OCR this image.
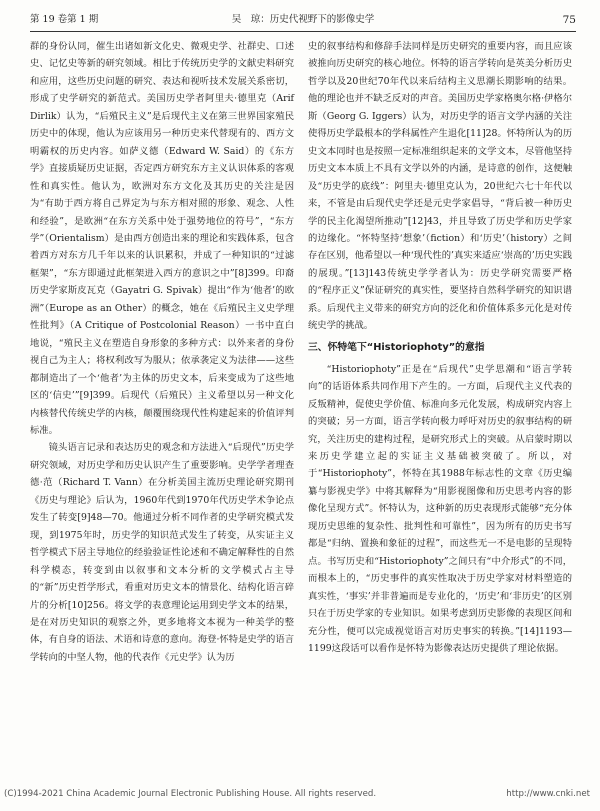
第 19 卷第 1 期	吴　琼：历史代视野下的影像史学	75

群的身份认同，催生出诸如新文化史、微观史学、社群史、口述史、记忆史等新的研究领域。相比于传统历史学的文献史料研究和应用，这些历史问题的研究、表达和视听技术发展关系密切，形成了史学研究的新范式。美国历史学者阿里夫·德里克（Arif Dirlik）认为，“后殖民主义”是后现代主义在第三世界国家殖民历史中的体现，他认为应该用另一种历史来代替现有的、西方文明霸权的历史内容。如萨义德（Edward W. Said）的《东方学》直接质疑历史证据，否定西方研究东方主义认识体系的客观性和真实性。他认为，欧洲对东方文化及其历史的关注是因为“有助于西方将自己界定为与东方相对照的形象、观念、人性和经验”，是欧洲“在东方关系中处于强势地位的符号”，“东方学”（Orientalism）是由西方创造出来的理论和实践体系，包含着西方对东方几千年以来的认识累积，并成了一种知识的“过滤框架”，“东方即通过此框架进入西方的意识之中”[8]399。印裔历史学家斯皮瓦克（Gayatri G. Spivak）提出“作为‘他者’的欧洲”（Europe as an Other）的概念，她在《后殖民主义史学理性批判》（A Critique of Postcolonial Reason）一书中直白地说，“殖民主义在塑造自身形象的多种方式：以外来者的身份视自己为主人；将权利改写为服从；依承袭定义为法律——这些都制造出了一个‘他者’为主体的历史文本，后来变成为了这些地区的‘信史’”[9]399。后现代（后殖民）主义希望以另一种文化内核替代传统史学的内核，颠覆围绕现代性构建起来的价值评判标准。

镜头语言记录和表达历史的观念和方法进入“后现代”历史学研究领域，对历史学和历史认识产生了重要影响。史学学者理查德·范（Richard T. Vann）在分析美国主流历史理论研究期刊《历史与理论》后认为，1960年代到1970年代历史学术争论点发生了转变[9]48—70。他通过分析不同作者的史学研究模式发现，到1975年时，历史学的知识范式发生了转变，从实证主义哲学模式下居主导地位的经验验证性论述和不确定解释性的自然科学模态，转变到由以叙事和文本分析的文学模式占主导的“新”历史哲学形式，看重对历史文本的情景化、结构化语言碎片的分析[10]256。将文学的表意理论运用到史学文本的结果，是在对历史知识的观察之外，更多地将文本视为一种美学的整体，有自身的语法、术语和诗意的意向。海登·怀特是史学的语言学转向的中坚人物，他的代表作《元史学》认为历

史的叙事结构和修辞手法同样是历史研究的重要内容，而且应该被推向历史研究的核心地位。怀特的语言学转向是英美分析历史哲学以及20世纪70年代以来后结构主义思潮长期影响的结果。他的理论也并不缺乏反对的声音。美国历史学家格奥尔格·伊格尔斯（Georg G. Iggers）认为，对历史学的语言文学内涵的关注使得历史学最根本的学科属性产生退化[11]28。怀特所认为的历史文本同时也是按照一定标准组织起来的文学文本，尽管他坚持历史文本本质上不具有文学以外的内涵，是诗意的创作，这便触及“历史学的底线”：阿里夫·德里克认为，20世纪六七十年代以来，不管是由后现代史学还是元史学家倡导，“背后被一种历史学的民主化渴望所推动”[12]43，并且导致了历史学和历史学家的边缘化。“怀特坚持‘想象’（fiction）和‘历史’（history）之间存在区别，他希望以一种‘现代性的’真实来适应‘崇高的’历史实践的展现。”[13]143传统史学学者认为：历史学研究需要严格的“程序正义”保证研究的真实性，要坚持自然科学研究的知识谱系。后现代主义带来的研究方向的泛化和价值体系多元化是对传统史学的挑战。

三、怀特笔下“Historiophoty”的意指

“Historiophoty”正是在“后现代”史学思潮和“语言学转向”的话语体系共同作用下产生的。一方面，后现代主义代表的反叛精神，促使史学价值、标准向多元化发展，构成研究内容上的突破；另一方面，语言学转向极力呼吁对历史的叙事结构的研究，关注历史的建构过程，是研究形式上的突破。从启蒙时期以来历史学建立起的实证主义基础被突破了。所以，对于“Historiophoty”，怀特在其1988年标志性的文章《历史编纂与影视史学》中将其解释为“用影视图像和历史思考内容的影像化呈现方式”。怀特认为，这种新的历史表现形式能够“充分体现历史思维的复杂性、批判性和可靠性”，因为所有的历史书写都是“归纳、置换和象征的过程”，而这些无一不是电影的呈现特点。书写历史和“Historiophoty”之间只有“中介形式”的不同，而根本上的，“历史事件的真实性取决于历史学家对材料塑造的真实性，‘事实’并非普遍而是专业化的，‘历史’和‘非历史’的区别只在于历史学家的专业知识。如果考虑到历史影像的表现区间和充分性，便可以完成视觉语言对历史事实的转换。”[14]1193—1199这段话可以看作是怀特为影像表达历史提供了理论依据。

(C)1994-2021 China Academic Journal Electronic Publishing House. All rights reserved.	http://www.cnki.net
